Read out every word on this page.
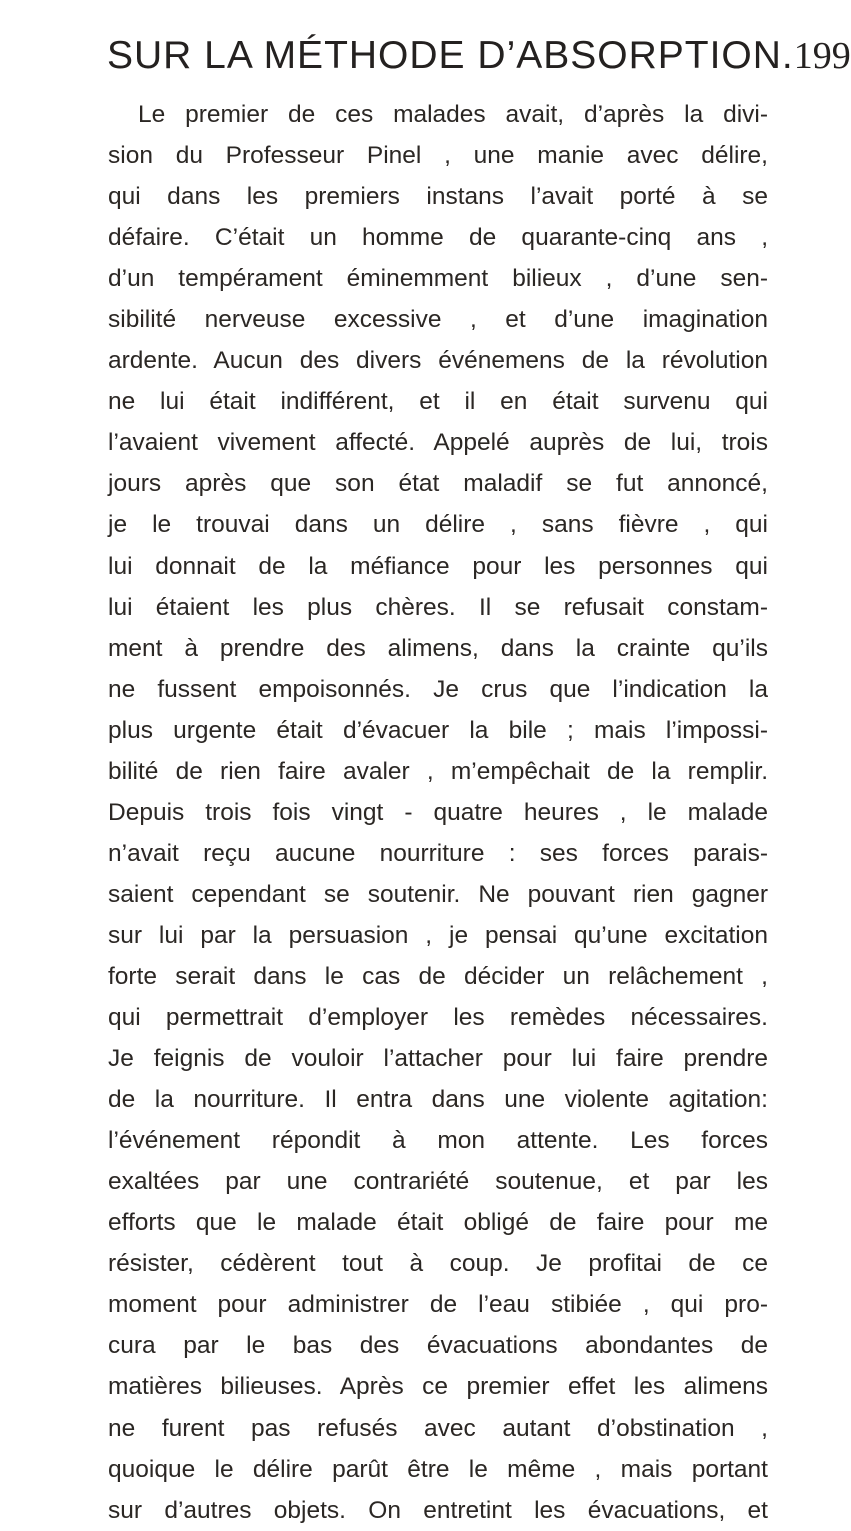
SUR LA MÉTHODE D’ABSORPTION. 199
Le premier de ces malades avait, d’après la divi-
sion du Professeur Pinel , une manie avec délire,
qui dans les premiers instans l’avait porté à se
défaire. C’était un homme de quarante-cinq ans ,
d’un tempérament éminemment bilieux , d’une sen-
sibilité nerveuse excessive , et d’une imagination
ardente. Aucun des divers événemens de la révolution
ne lui était indifférent, et il en était survenu qui
l’avaient vivement affecté. Appelé auprès de lui, trois
jours après que son état maladif se fut annoncé,
je le trouvai dans un délire , sans fièvre , qui
lui donnait de la méfiance pour les personnes qui
lui étaient les plus chères. Il se refusait constam-
ment à prendre des alimens, dans la crainte qu’ils
ne fussent empoisonnés. Je crus que l’indication la
plus urgente était d’évacuer la bile ; mais l’impossi-
bilité de rien faire avaler , m’empêchait de la remplir.
Depuis trois fois vingt - quatre heures , le malade
n’avait reçu aucune nourriture : ses forces parais-
saient cependant se soutenir. Ne pouvant rien gagner
sur lui par la persuasion , je pensai qu’une excitation
forte serait dans le cas de décider un relâchement ,
qui permettrait d’employer les remèdes nécessaires.
Je feignis de vouloir l’attacher pour lui faire prendre
de la nourriture. Il entra dans une violente agitation:
l’événement répondit à mon attente. Les forces
exaltées par une contrariété soutenue, et par les
efforts que le malade était obligé de faire pour me
résister, cédèrent tout à coup. Je profitai de ce
moment pour administrer de l’eau stibiée , qui pro-
cura par le bas des évacuations abondantes de
matières bilieuses. Après ce premier effet les alimens
ne furent pas refusés avec autant d’obstination ,
quoique le délire parût être le même , mais portant
sur d’autres objets. On entretint les évacuations, et
